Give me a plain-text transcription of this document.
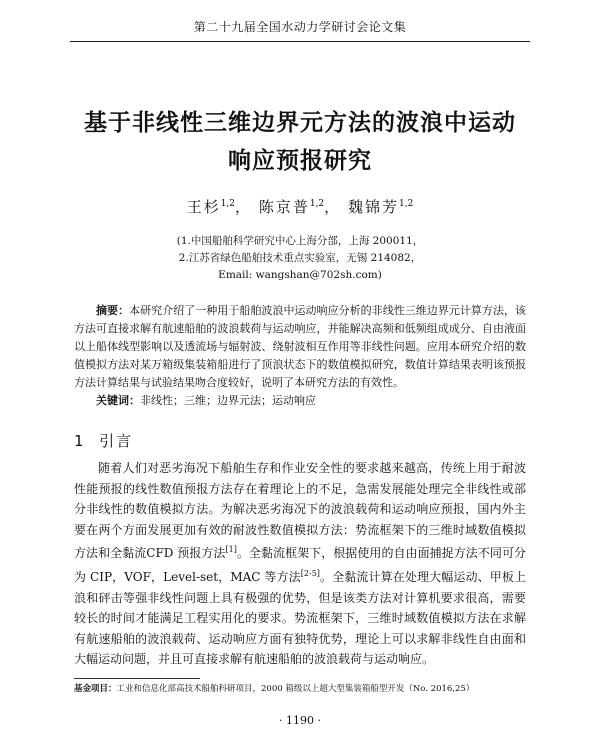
第二十九届全国水动力学研讨会论文集
基于非线性三维边界元方法的波浪中运动
响应预报研究
王杉$^{1,2}$， 陈京普$^{1,2}$， 魏锦芳$^{1,2}$
(1.中国船舶科学研究中心上海分部，上海 200011，
2.江苏省绿色船舶技术重点实验室，无锡 214082，
Email: wangshan@702sh.com)
摘要：本研究介绍了一种用于船舶波浪中运动响应分析的非线性三维边界元计算方法，该方法可直接求解有航速船舶的波浪载荷与运动响应，并能解决高频和低频组成成分、自由液面以上船体线型影响以及透流场与辐射波、绕射波相互作用等非线性问题。应用本研究介绍的数值模拟方法对某万箱级集装箱船进行了顶浪状态下的数值模拟研究，数值计算结果表明该预报方法计算结果与试验结果吻合度较好，说明了本研究方法的有效性。
关键词：非线性；三维；边界元法；运动响应
1 引言
随着人们对恶劣海况下船舶生存和作业安全性的要求越来越高，传统上用于耐波性能预报的线性数值预报方法存在着理论上的不足，急需发展能处理完全非线性或部分非线性的数值模拟方法。为解决恶劣海况下的波浪载荷和运动响应预报，国内外主要在两个方面发展更加有效的耐波性数值模拟方法：势流框架下的三维时域数值模拟方法和全黏流CFD 预报方法[1]。全黏流框架下，根据使用的自由面捕捉方法不同可分为 CIP，VOF，Level-set，MAC 等方法[2-5]。全黏流计算在处理大幅运动、甲板上浪和砰击等强非线性问题上具有极强的优势，但是该类方法对计算机要求很高，需要较长的时间才能满足工程实用化的要求。势流框架下，三维时域数值模拟方法在求解有航速船舶的波浪载荷、运动响应方面有独特优势，理论上可以求解非线性自由面和大幅运动问题，并且可直接求解有航速船舶的波浪载荷与运动响应。
基金项目：工业和信息化部高技术船舶科研项目，2000 箱级以上超大型集装箱船型开发（No. 2016,25）
· 1190 ·
